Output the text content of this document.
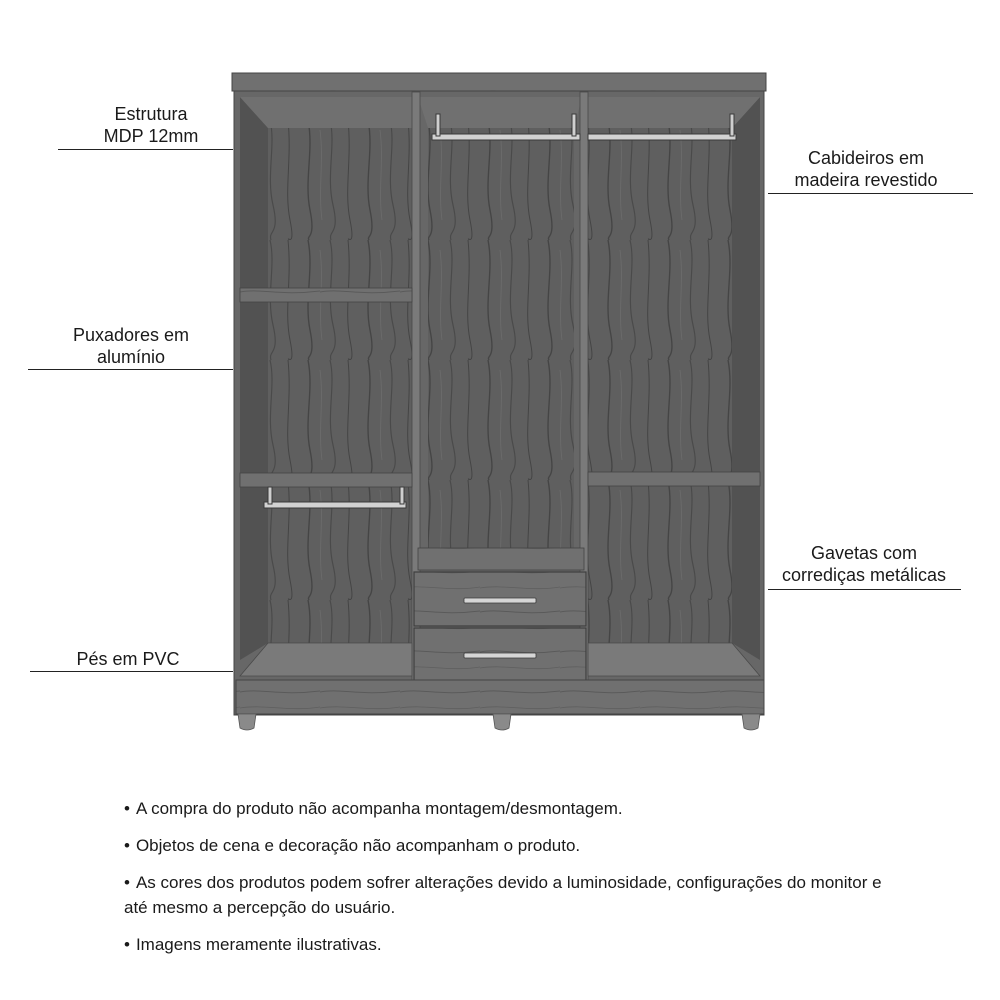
Estrutura
MDP 12mm
Puxadores em
alumínio
Pés em PVC
Cabideiros em
madeira revestido
Gavetas com
corrediças metálicas

• A compra do produto não acompanha montagem/desmontagem.

• Objetos de cena e decoração não acompanham o produto.

• As cores dos produtos podem sofrer alterações devido a luminosidade, configurações do monitor e até mesmo a percepção do usuário.

• Imagens meramente ilustrativas.
